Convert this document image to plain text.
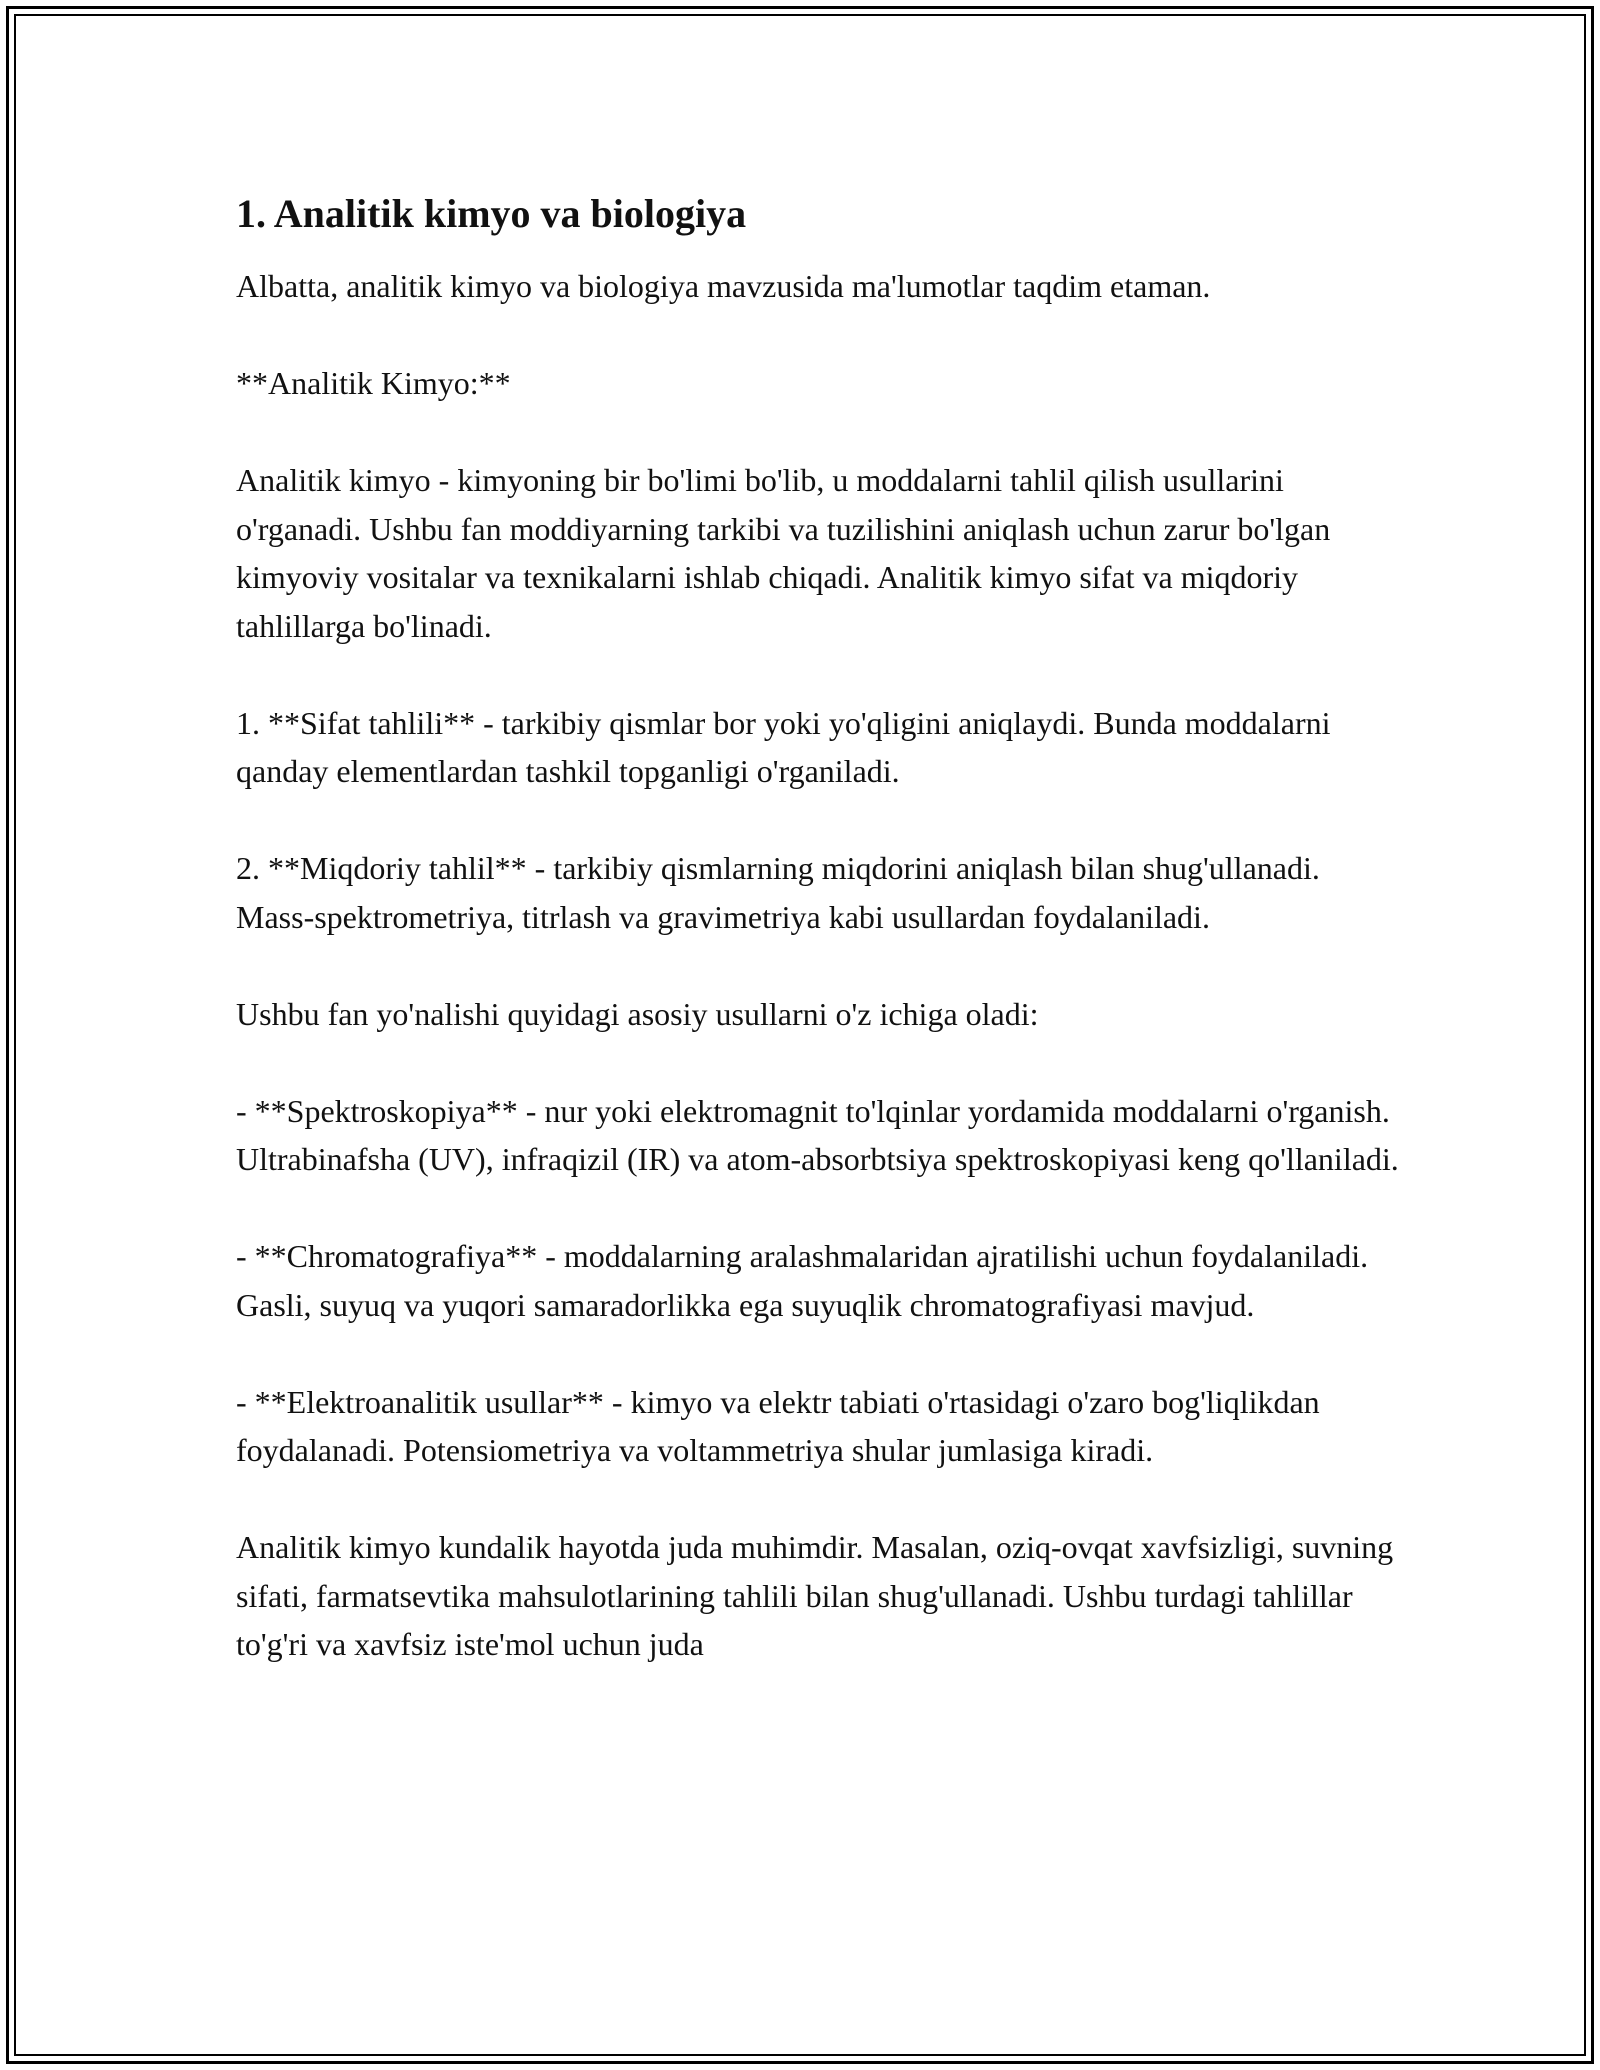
1. Analitik kimyo va biologiya

Albatta, analitik kimyo va biologiya mavzusida ma'lumotlar taqdim etaman.

**Analitik Kimyo:**

Analitik kimyo - kimyoning bir bo'limi bo'lib, u moddalarni tahlil qilish usullarini o'rganadi. Ushbu fan moddiyarning tarkibi va tuzilishini aniqlash uchun zarur bo'lgan kimyoviy vositalar va texnikalarni ishlab chiqadi. Analitik kimyo sifat va miqdoriy tahlillarga bo'linadi.

1. **Sifat tahlili** - tarkibiy qismlar bor yoki yo'qligini aniqlaydi. Bunda moddalarni qanday elementlardan tashkil topganligi o'rganiladi.

2. **Miqdoriy tahlil** - tarkibiy qismlarning miqdorini aniqlash bilan shug'ullanadi. Mass-spektrometriya, titrlash va gravimetriya kabi usullardan foydalaniladi.

Ushbu fan yo'nalishi quyidagi asosiy usullarni o'z ichiga oladi:

- **Spektroskopiya** - nur yoki elektromagnit to'lqinlar yordamida moddalarni o'rganish. Ultrabinafsha (UV), infraqizil (IR) va atom-absorbtsiya spektroskopiyasi keng qo'llaniladi.

- **Chromatografiya** - moddalarning aralashmalaridan ajratilishi uchun foydalaniladi. Gasli, suyuq va yuqori samaradorlikka ega suyuqlik chromatografiyasi mavjud.

- **Elektroanalitik usullar** - kimyo va elektr tabiati o'rtasidagi o'zaro bog'liqlikdan foydalanadi. Potensiometriya va voltammetriya shular jumlasiga kiradi.

Analitik kimyo kundalik hayotda juda muhimdir. Masalan, oziq-ovqat xavfsizligi, suvning sifati, farmatsevtika mahsulotlarining tahlili bilan shug'ullanadi. Ushbu turdagi tahlillar to'g'ri va xavfsiz iste'mol uchun juda
